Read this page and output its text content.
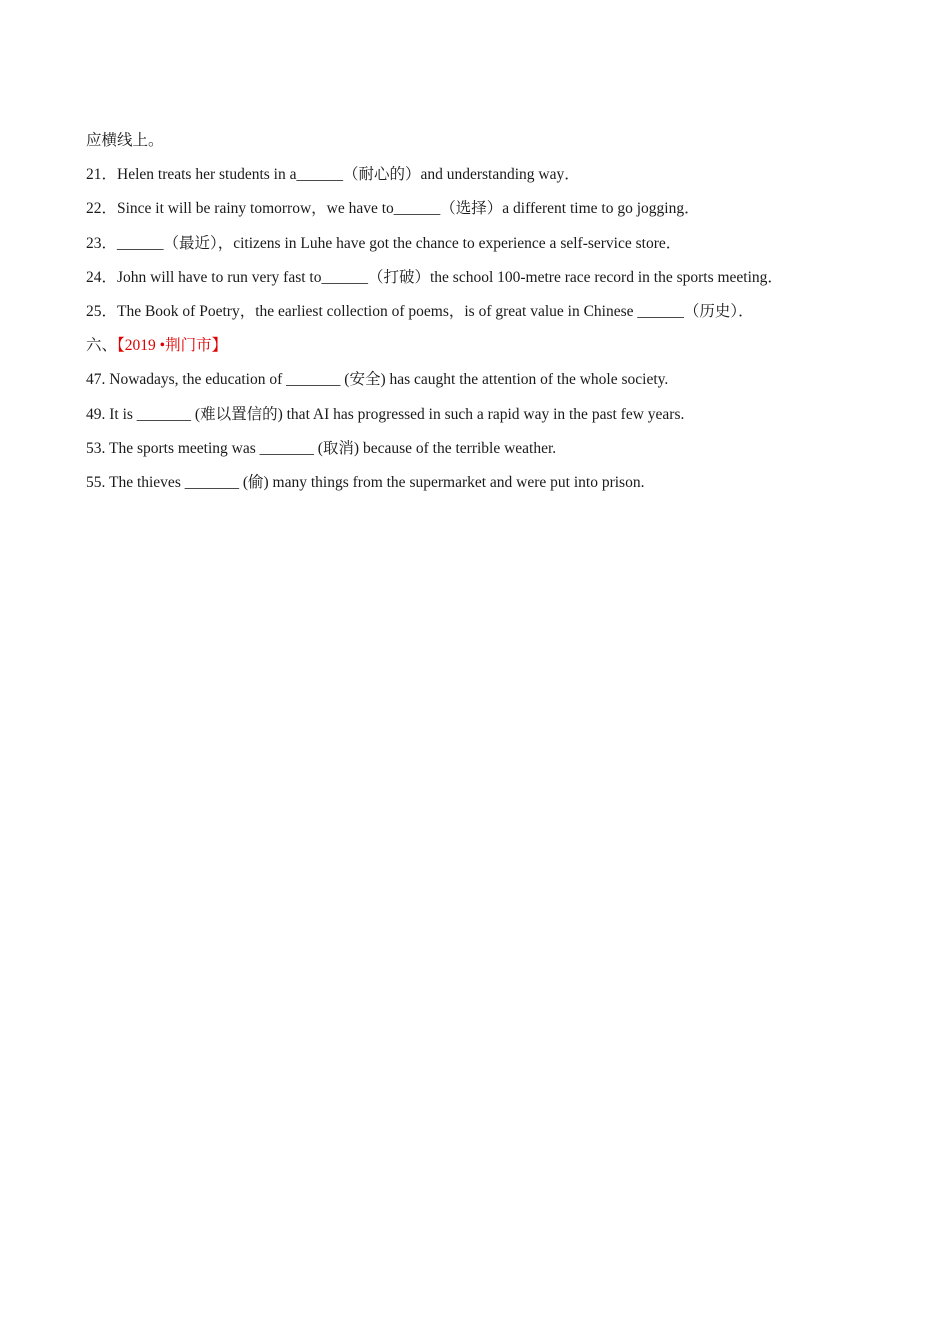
应横线上。
21．Helen treats her students in a______（耐心的）and understanding way．
22．Since it will be rainy tomorrow，we have to______（选择）a different time to go jogging．
23．______（最近），citizens in Luhe have got the chance to experience a self-service store．
24．John will have to run very fast to______（打破）the school 100-metre race record in the sports meeting．
25．The Book of Poetry，the earliest collection of poems，is of great value in Chinese ______（历史）．
六、【2019 •荆门市】
47. Nowadays, the education of _______ (安全) has caught the attention of the whole society.
49. It is _______ (难以置信的) that AI has progressed in such a rapid way in the past few years.
53. The sports meeting was _______ (取消) because of the terrible weather.
55. The thieves _______ (偷) many things from the supermarket and were put into prison.
